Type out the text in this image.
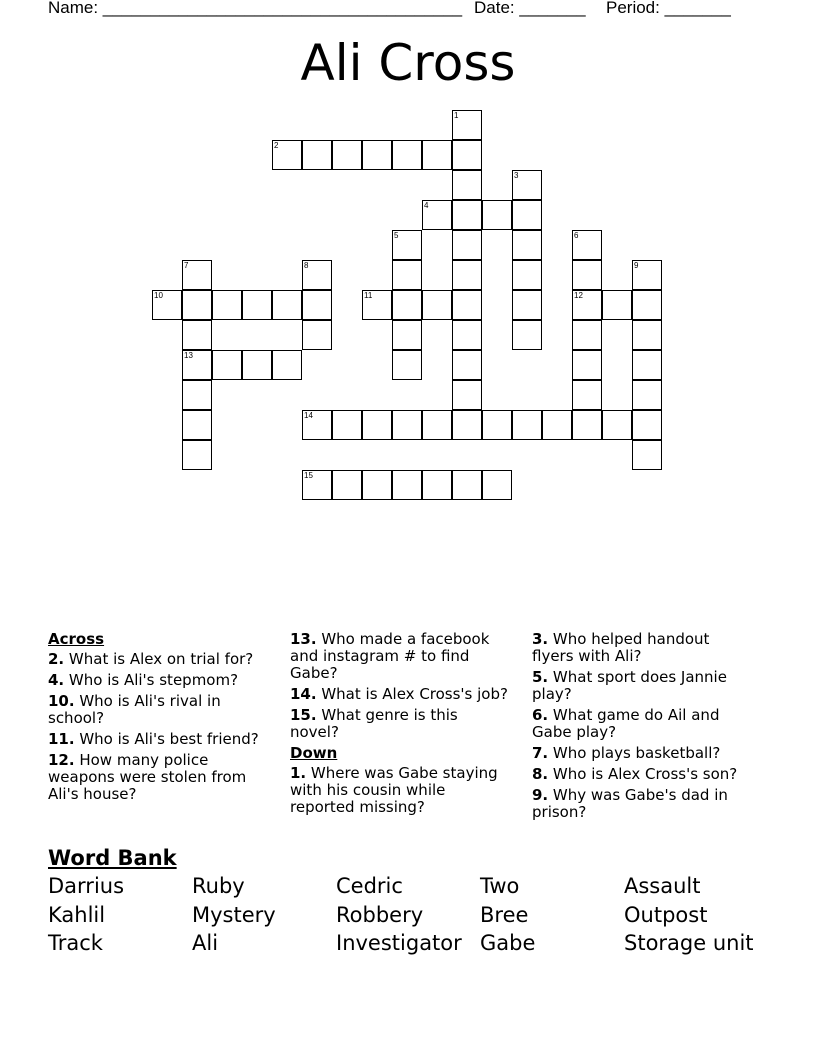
Name: ______________________________________ Date: _______ Period: _______
Ali Cross
1
2
3
4
5	6
7	8	9
10	11	12
13
14
15
Across
2. What is Alex on trial for?
4. Who is Ali's stepmom?
10. Who is Ali's rival in school?
11. Who is Ali's best friend?
12. How many police weapons were stolen from Ali's house?
13. Who made a facebook and instagram # to find Gabe?
14. What is Alex Cross's job?
15. What genre is this novel?
Down
1. Where was Gabe staying with his cousin while reported missing?
3. Who helped handout flyers with Ali?
5. What sport does Jannie play?
6. What game do Ail and Gabe play?
7. Who plays basketball?
8. Who is Alex Cross's son?
9. Why was Gabe's dad in prison?
Word Bank
Darrius	Ruby	Cedric	Two	Assault
Kahlil	Mystery	Robbery	Bree	Outpost
Track	Ali	Investigator Gabe	Storage unit
